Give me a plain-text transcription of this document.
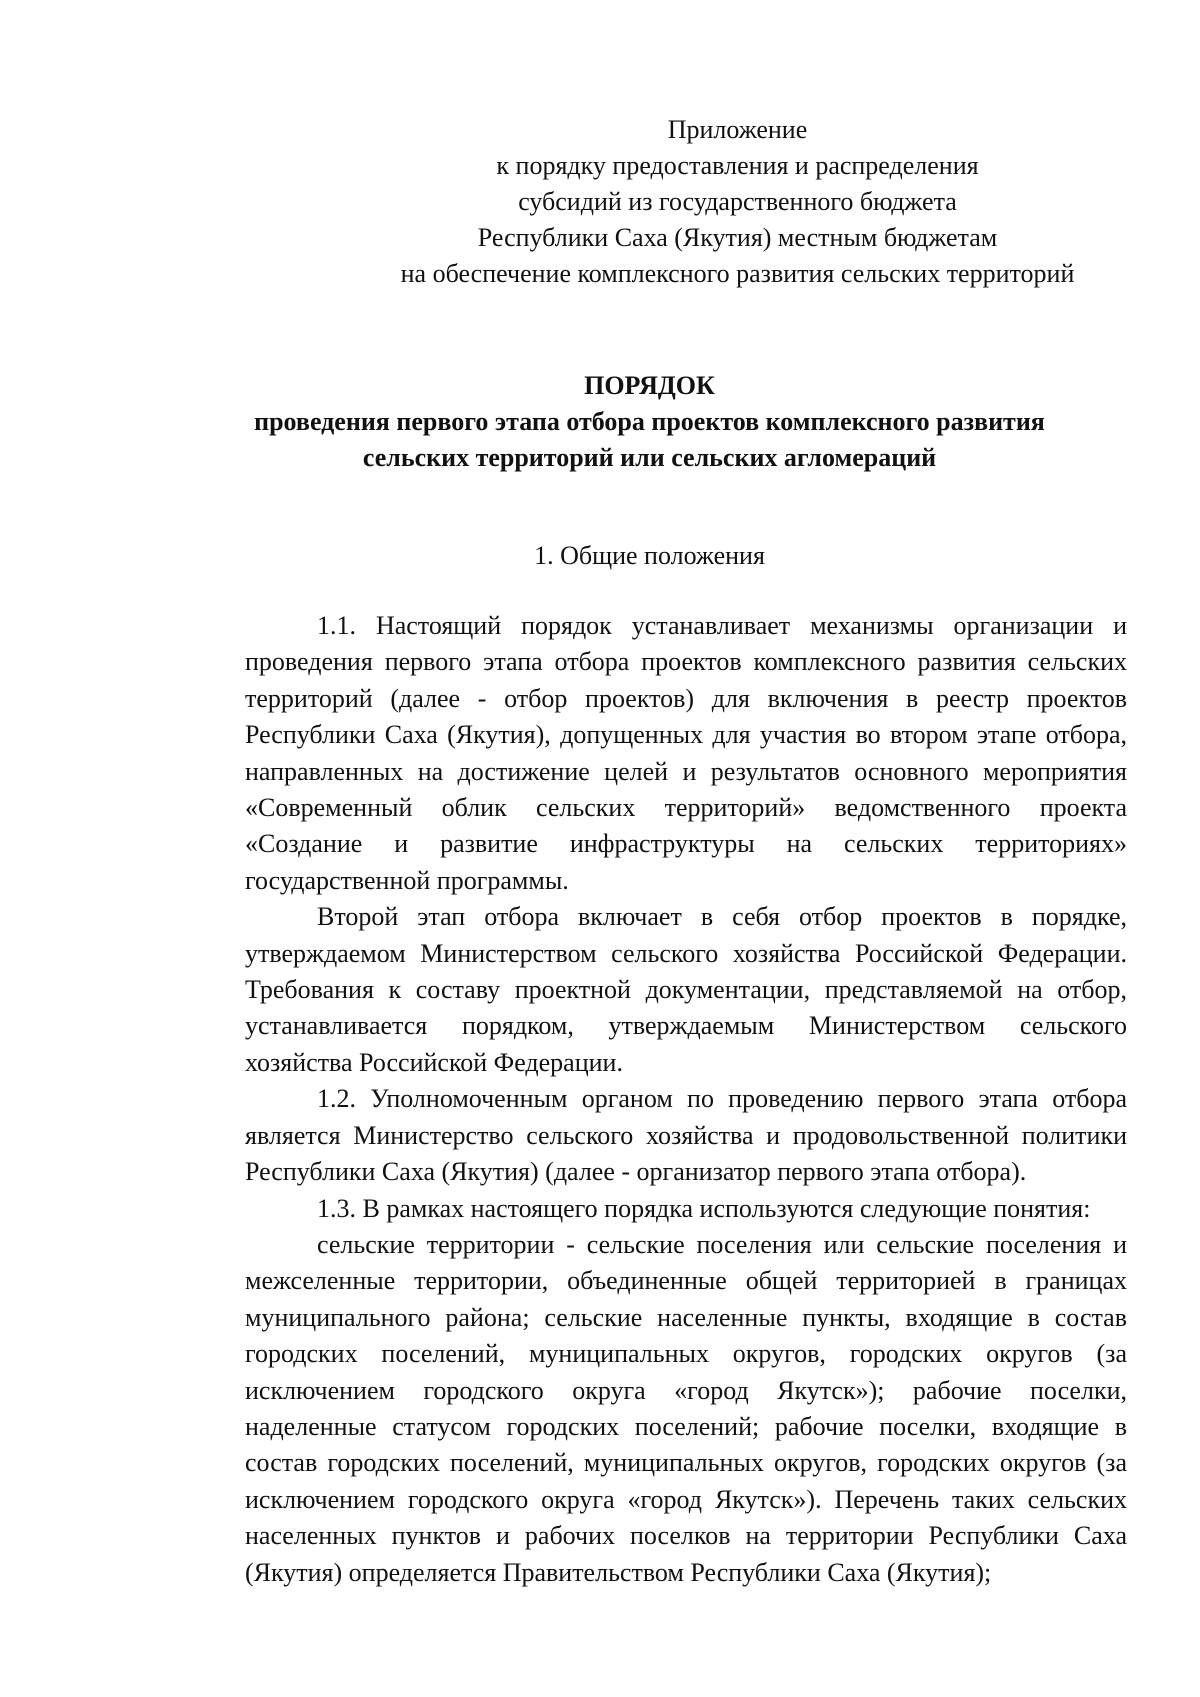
Приложение
к порядку предоставления и распределения
субсидий из государственного бюджета
Республики Саха (Якутия) местным бюджетам
на обеспечение комплексного развития сельских территорий
ПОРЯДОК
проведения первого этапа отбора проектов комплексного развития
сельских территорий или сельских агломераций
1. Общие положения
1.1. Настоящий порядок устанавливает механизмы организации и
проведения первого этапа отбора проектов комплексного развития сельских
территорий (далее - отбор проектов) для включения в реестр проектов
Республики Саха (Якутия), допущенных для участия во втором этапе отбора,
направленных на достижение целей и результатов основного мероприятия
«Современный облик сельских территорий» ведомственного проекта
«Создание и развитие инфраструктуры на сельских территориях»
государственной программы.
Второй этап отбора включает в себя отбор проектов в порядке,
утверждаемом Министерством сельского хозяйства Российской Федерации.
Требования к составу проектной документации, представляемой на отбор,
устанавливается порядком, утверждаемым Министерством сельского
хозяйства Российской Федерации.
1.2. Уполномоченным органом по проведению первого этапа отбора
является Министерство сельского хозяйства и продовольственной политики
Республики Саха (Якутия) (далее - организатор первого этапа отбора).
1.3. В рамках настоящего порядка используются следующие понятия:
сельские территории - сельские поселения или сельские поселения и
межселенные территории, объединенные общей территорией в границах
муниципального района; сельские населенные пункты, входящие в состав
городских поселений, муниципальных округов, городских округов (за
исключением городского округа «город Якутск»); рабочие поселки,
наделенные статусом городских поселений; рабочие поселки, входящие в
состав городских поселений, муниципальных округов, городских округов (за
исключением городского округа «город Якутск»). Перечень таких сельских
населенных пунктов и рабочих поселков на территории Республики Саха
(Якутия) определяется Правительством Республики Саха (Якутия);
